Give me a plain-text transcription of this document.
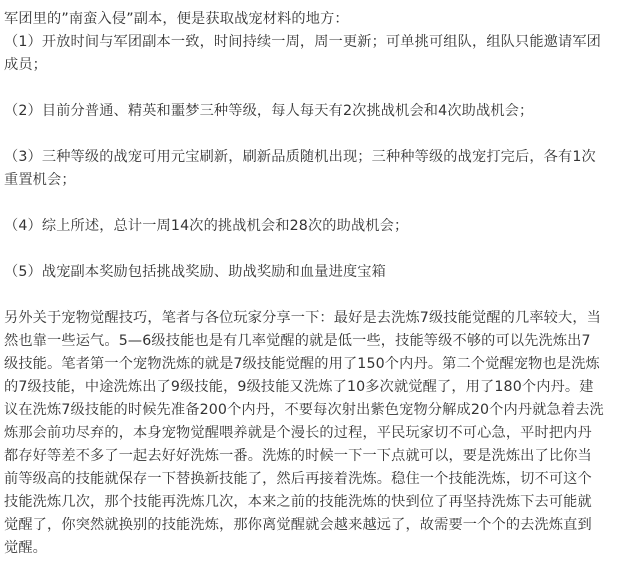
军团里的”南蛮入侵”副本，便是获取战宠材料的地方：

（1）开放时间与军团副本一致，时间持续一周，周一更新；可单挑可组队，组队只能邀请军团成员；

（2）目前分普通、精英和噩梦三种等级，每人每天有2次挑战机会和4次助战机会；

（3）三种等级的战宠可用元宝刷新，刷新品质随机出现；三种种等级的战宠打完后，各有1次重置机会；

（4）综上所述，总计一周14次的挑战机会和28次的助战机会；

（5）战宠副本奖励包括挑战奖励、助战奖励和血量进度宝箱

另外关于宠物觉醒技巧，笔者与各位玩家分享一下：最好是去洗炼7级技能觉醒的几率较大，当然也靠一些运气。5—6级技能也是有几率觉醒的就是低一些，技能等级不够的可以先洗炼出7级技能。笔者第一个宠物洗炼的就是7级技能觉醒的用了150个内丹。第二个觉醒宠物也是洗炼的7级技能，中途洗炼出了9级技能，9级技能又洗炼了10多次就觉醒了，用了180个内丹。建议在洗炼7级技能的时候先准备200个内丹，不要每次射出紫色宠物分解成20个内丹就急着去洗炼那会前功尽弃的，本身宠物觉醒喂养就是个漫长的过程，平民玩家切不可心急，平时把内丹都存好等差不多了一起去好好洗炼一番。洗炼的时候一下一下点就可以，要是洗炼出了比你当前等级高的技能就保存一下替换新技能了，然后再接着洗炼。稳住一个技能洗炼，切不可这个技能洗炼几次，那个技能再洗炼几次，本来之前的技能洗炼的快到位了再坚持洗炼下去可能就觉醒了，你突然就换别的技能洗炼，那你离觉醒就会越来越远了，故需要一个个的去洗炼直到觉醒。
